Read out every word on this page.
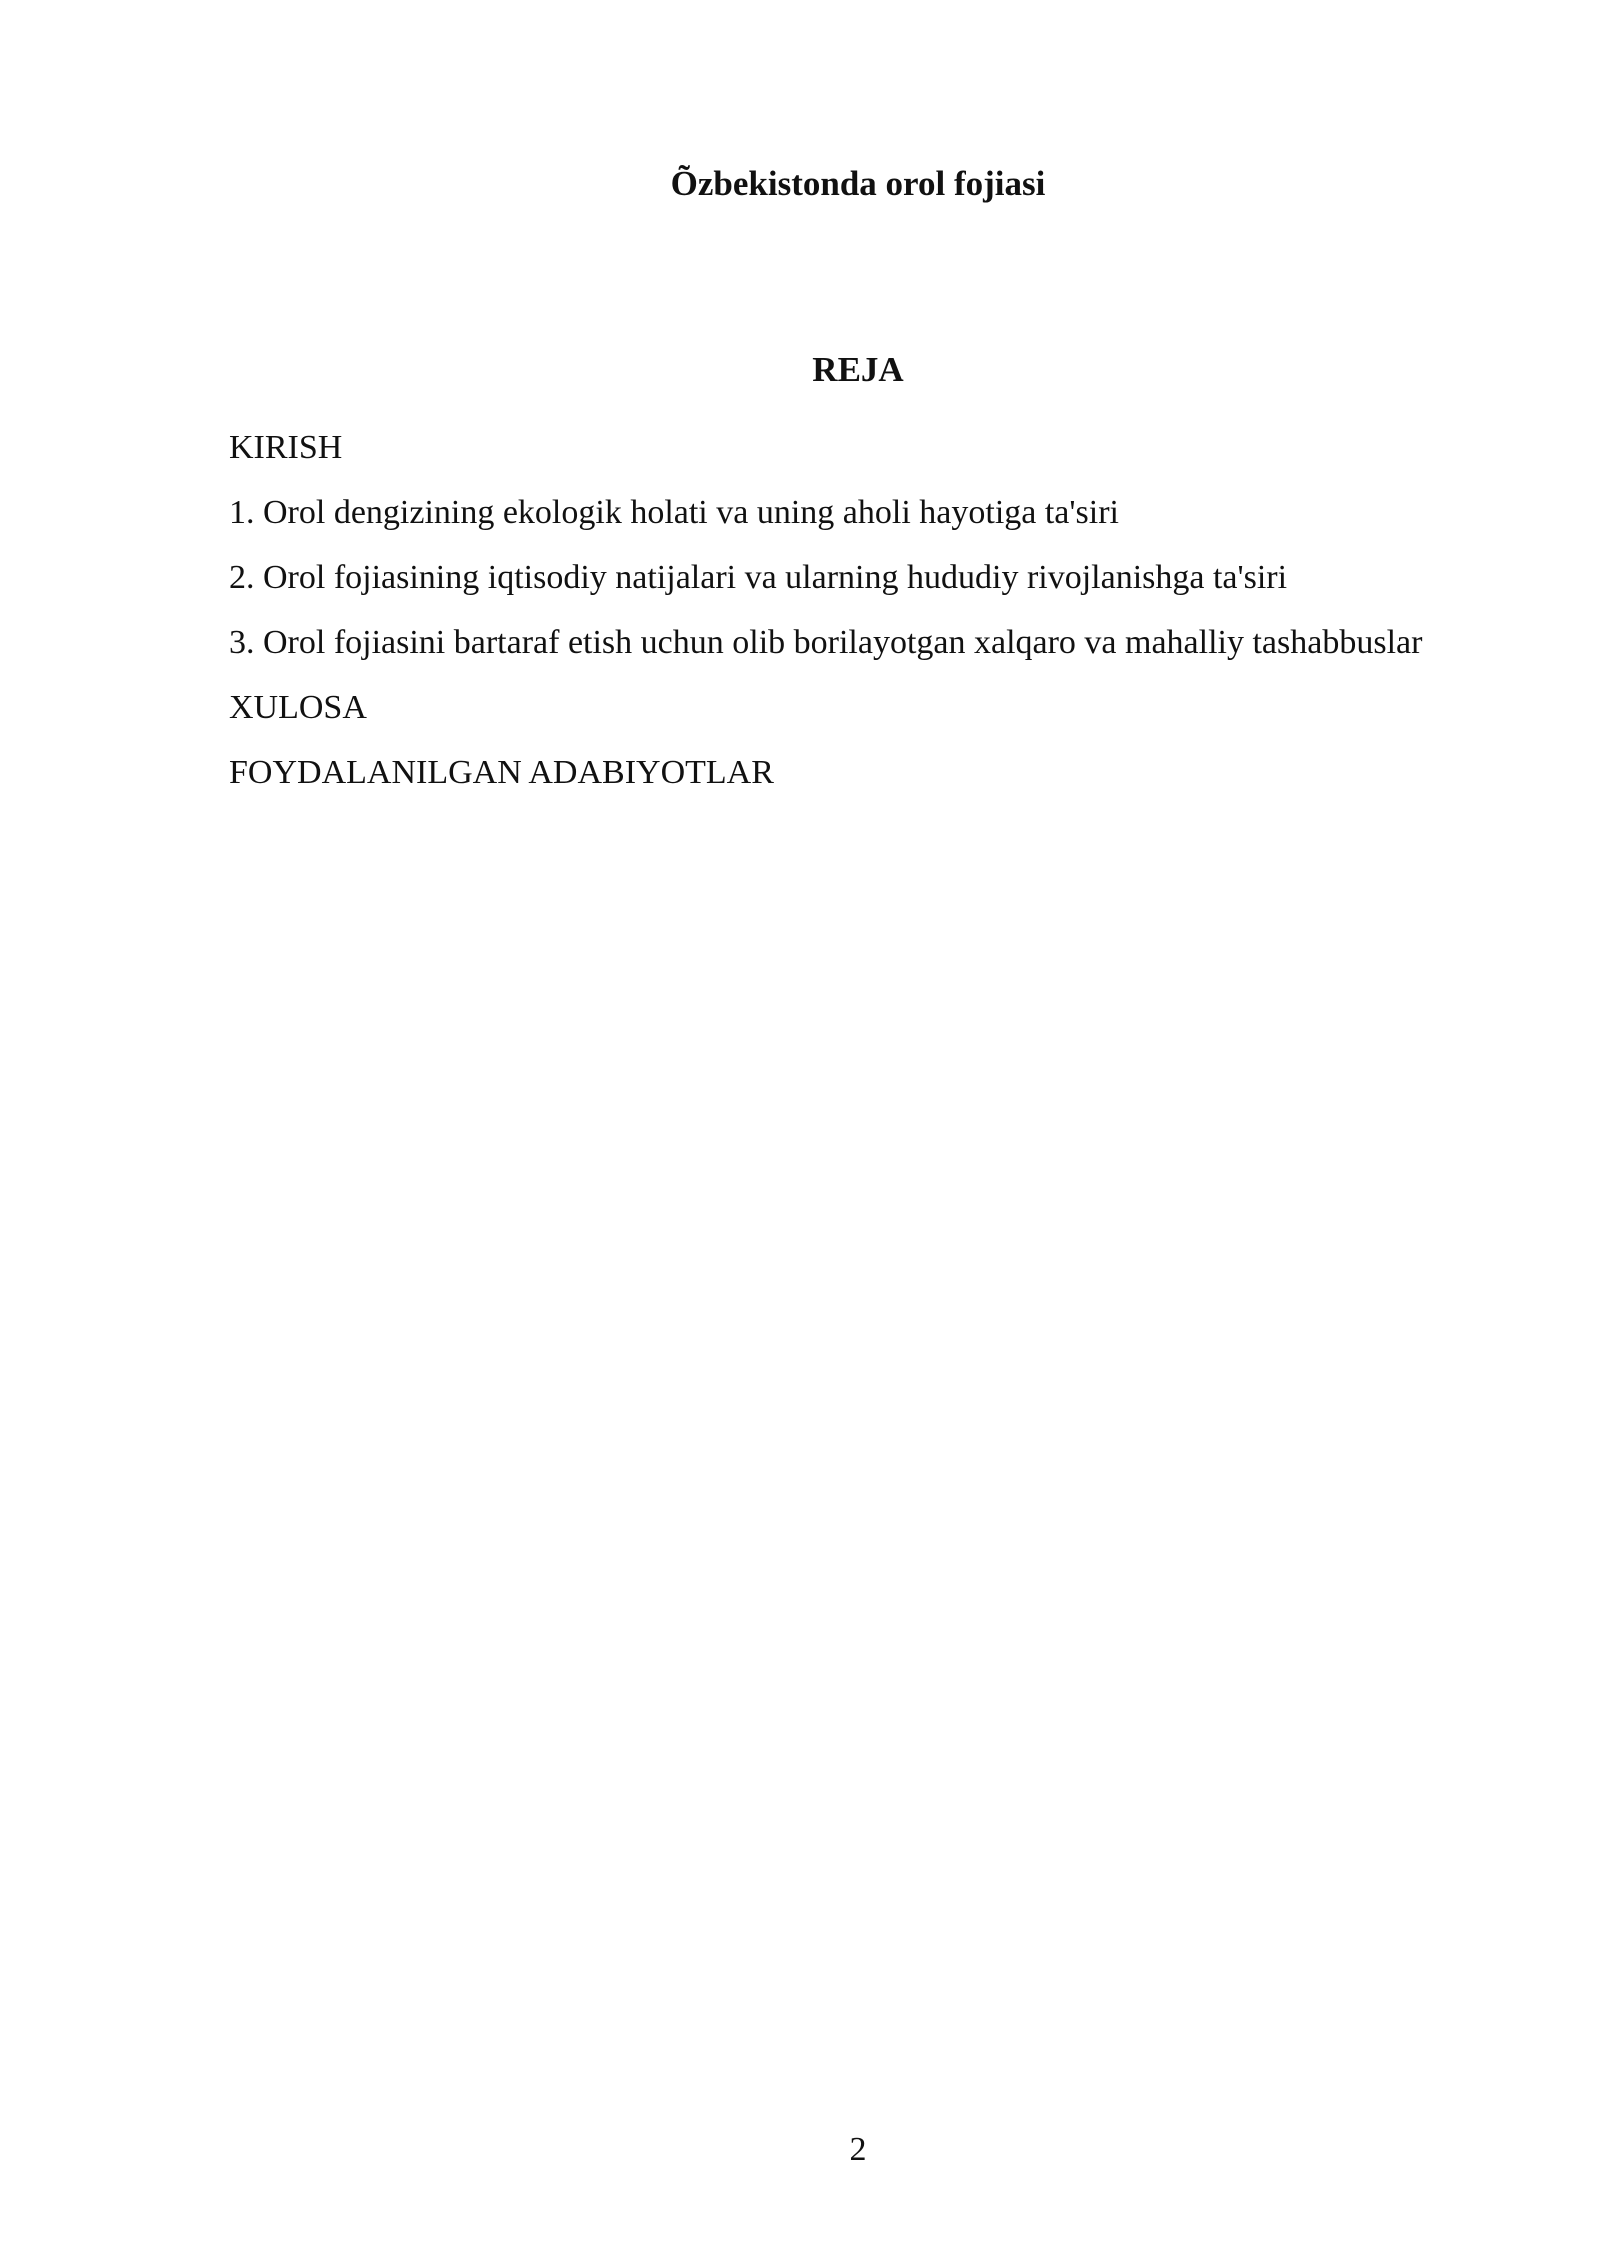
Õzbekistonda orol fojiasi
REJA
KIRISH
1. Orol dengizining ekologik holati va uning aholi hayotiga ta'siri
2. Orol fojiasining iqtisodiy natijalari va ularning hududiy rivojlanishga ta'siri
3. Orol fojiasini bartaraf etish uchun olib borilayotgan xalqaro va mahalliy tashabbuslar
XULOSA
FOYDALANILGAN ADABIYOTLAR
2
